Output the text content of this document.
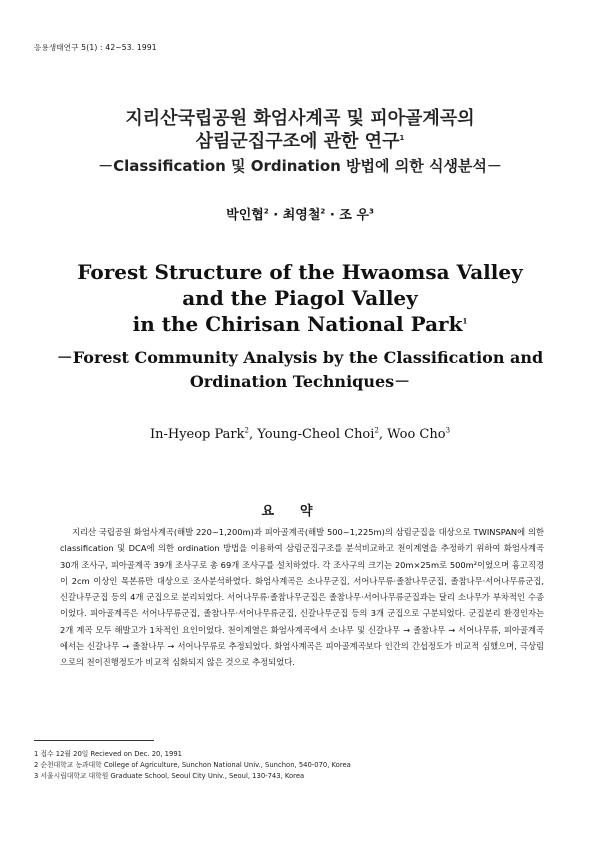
응용생태연구 5(1) : 42~53. 1991
지리산국립공원 화엄사계곡 및 피아골계곡의
삼림군집구조에 관한 연구$^1$
－Classification 및 Ordination 방법에 의한 식생분석－
박인협$^2$ · 최영철$^2$ · 조 우$^3$
Forest Structure of the Hwaomsa Valley
and the Piagol Valley
in the Chirisan National Park$^1$
－Forest Community Analysis by the Classification and
Ordination Techniques－
In-Hyeop Park$^2$, Young-Cheol Choi$^2$, Woo Cho$^3$
요약

지리산 국립공원 화엄사계곡(해발 220~1,200m)과 피아골계곡(해발 500~1,225m)의 삼림군집을 대상으로 TWINSPAN에 의한 classification 및 DCA에 의한 ordination 방법을 이용하여 삼림군집구조를 분석비교하고 천이계열을 추정하기 위하여 화엄사계곡 30개 조사구, 피아골계곡 39개 조사구로 총 69개 조사구를 설치하였다. 각 조사구의 크기는 20m×25m로 500m²이었으며 흉고직경이 2cm 이상인 목본류만 대상으로 조사분석하였다. 화엄사계곡은 소나무군집, 서어나무류·졸참나무군집, 졸참나무·서어나무류군집, 신갈나무군집 등의 4개 군집으로 분리되었다. 서어나무류·졸참나무군집은 졸참나무·서어나무류군집과는 달리 소나무가 부차적인 수종이었다. 피아골계곡은 서어나무류군집, 졸참나무·서어나무류군집, 신갈나무군집 등의 3개 군집으로 구분되었다. 군집분리 환경인자는 2개 계곡 모두 해발고가 1차적인 요인이었다. 천이계열은 화엄사계곡에서 소나무 및 신갈나무 → 졸참나무 → 서어나무류, 피아골계곡에서는 신갈나무 → 졸참나무 → 서어나무류로 추정되었다. 화엄사계곡은 피아골계곡보다 인간의 간섭정도가 비교적 심했으며, 극상림으로의 천이진행정도가 비교적 심화되지 않은 것으로 추정되었다.

1 접수 12월 20일 Recieved on Dec. 20, 1991
2 순천대학교 농과대학 College of Agriculture, Sunchon National Univ., Sunchon, 540-070, Korea
3 서울시립대학교 대학원 Graduate School, Seoul City Univ., Seoul, 130-743, Korea
